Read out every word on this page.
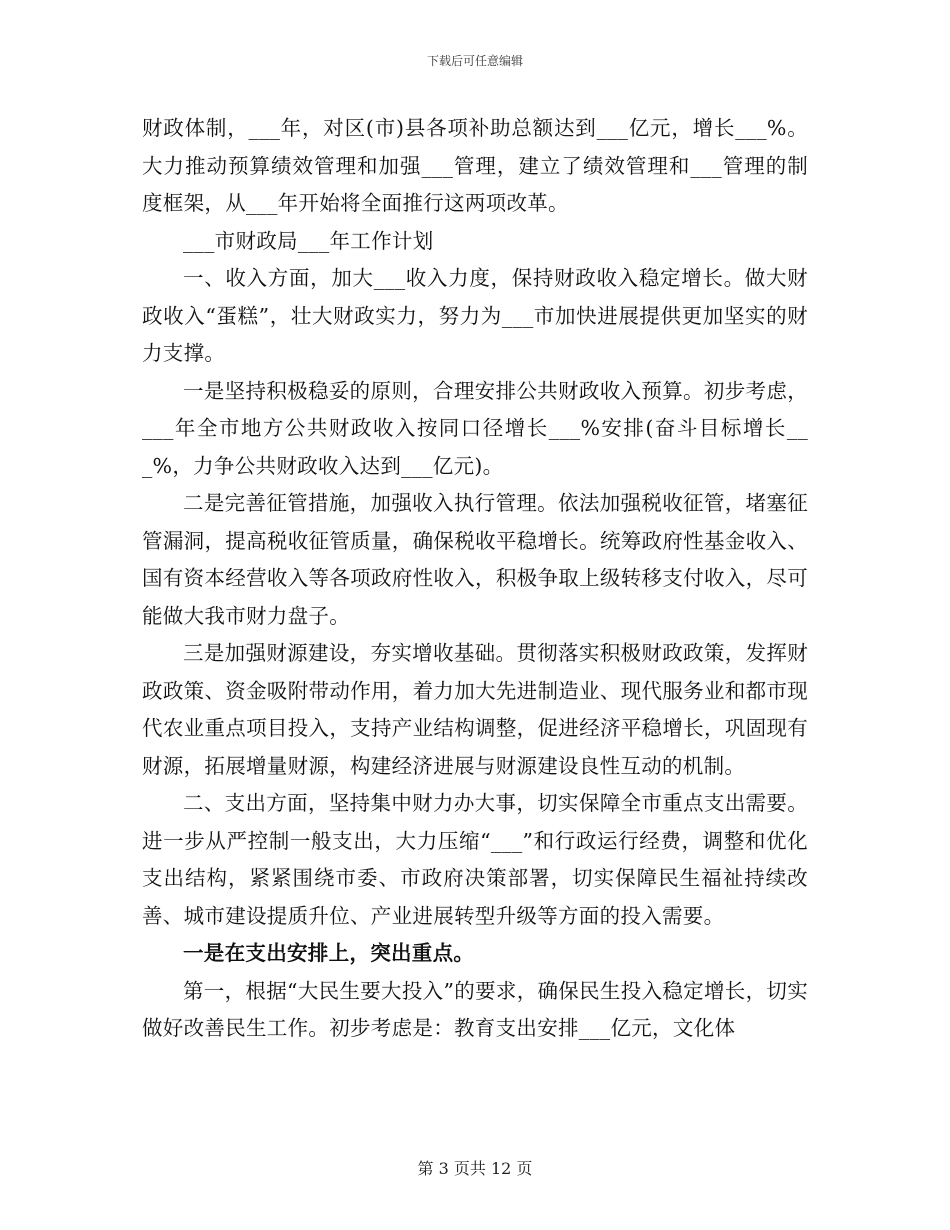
下载后可任意编辑

财政体制，___年，对区(市)县各项补助总额达到___亿元，增长___%。大力推动预算绩效管理和加强___管理，建立了绩效管理和___管理的制度框架，从___年开始将全面推行这两项改革。

___市财政局___年工作计划

一、收入方面，加大___收入力度，保持财政收入稳定增长。做大财政收入“蛋糕”，壮大财政实力，努力为___市加快进展提供更加坚实的财力支撑。

一是坚持积极稳妥的原则，合理安排公共财政收入预算。初步考虑，___年全市地方公共财政收入按同口径增长___%安排(奋斗目标增长___%，力争公共财政收入达到___亿元)。

二是完善征管措施，加强收入执行管理。依法加强税收征管，堵塞征管漏洞，提高税收征管质量，确保税收平稳增长。统筹政府性基金收入、国有资本经营收入等各项政府性收入，积极争取上级转移支付收入，尽可能做大我市财力盘子。

三是加强财源建设，夯实增收基础。贯彻落实积极财政政策，发挥财政政策、资金吸附带动作用，着力加大先进制造业、现代服务业和都市现代农业重点项目投入，支持产业结构调整，促进经济平稳增长，巩固现有财源，拓展增量财源，构建经济进展与财源建设良性互动的机制。

二、支出方面，坚持集中财力办大事，切实保障全市重点支出需要。进一步从严控制一般支出，大力压缩“___”和行政运行经费，调整和优化支出结构，紧紧围绕市委、市政府决策部署，切实保障民生福祉持续改善、城市建设提质升位、产业进展转型升级等方面的投入需要。

一是在支出安排上，突出重点。

第一，根据“大民生要大投入”的要求，确保民生投入稳定增长，切实做好改善民生工作。初步考虑是：教育支出安排___亿元，文化体

第 3 页共 12 页
